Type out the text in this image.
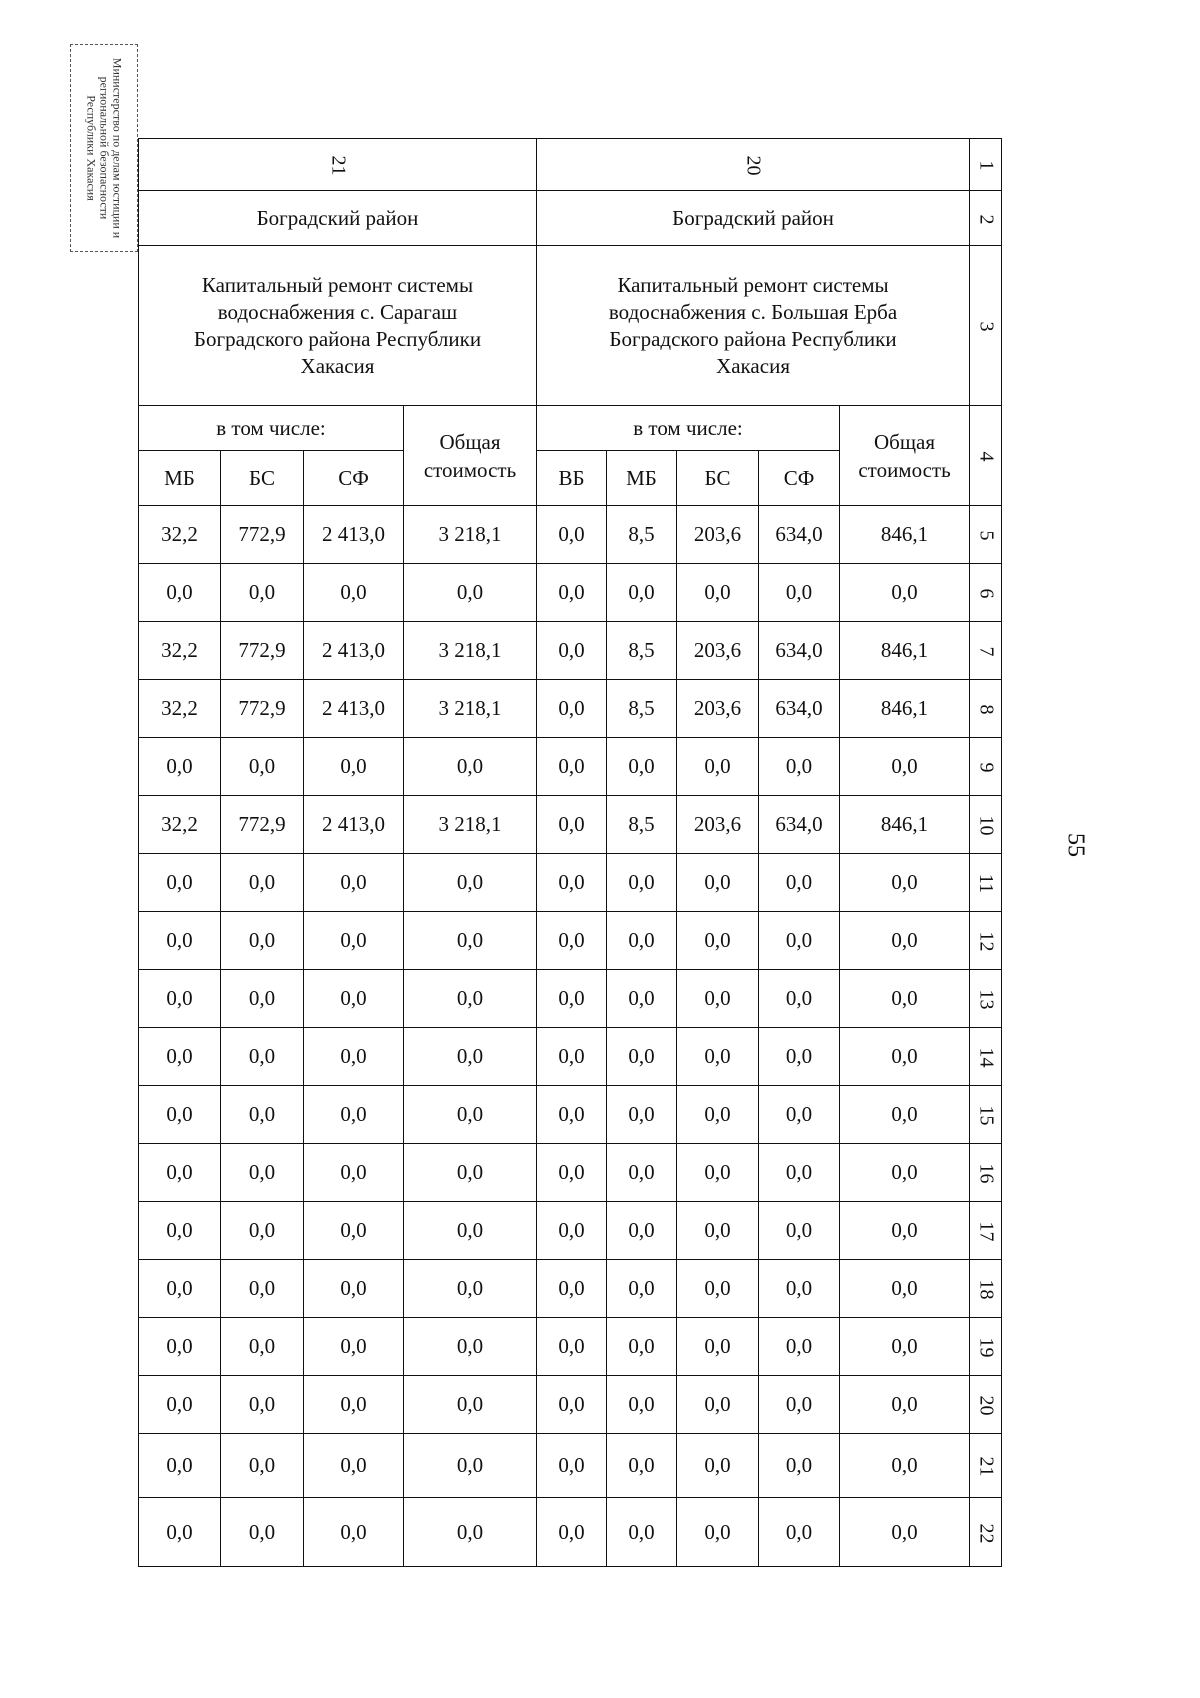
Министерство по делам юстиции и региональной безопасности Республики Хакасия
55
21				20					1
Боградский район				Боградский район					2

Капитальный ремонт системы водоснабжения с. Сарагаш Боградского района Республики Хакасия				Капитальный ремонт системы водоснабжения с. Большая Ерба Боградского района Республики Хакасия					3
в том числе:			Общая стоимость	в том числе:				Общая стоимость	4
МБ	БС	СФ		ВБ	МБ	БС	СФ		
32,2	772,9	2 413,0	3 218,1	0,0	8,5	203,6	634,0	846,1	5
0,0	0,0	0,0	0,0	0,0	0,0	0,0	0,0	0,0	6
32,2	772,9	2 413,0	3 218,1	0,0	8,5	203,6	634,0	846,1	7
32,2	772,9	2 413,0	3 218,1	0,0	8,5	203,6	634,0	846,1	8
0,0	0,0	0,0	0,0	0,0	0,0	0,0	0,0	0,0	9
32,2	772,9	2 413,0	3 218,1	0,0	8,5	203,6	634,0	846,1	10
0,0	0,0	0,0	0,0	0,0	0,0	0,0	0,0	0,0	11
0,0	0,0	0,0	0,0	0,0	0,0	0,0	0,0	0,0	12
0,0	0,0	0,0	0,0	0,0	0,0	0,0	0,0	0,0	13
0,0	0,0	0,0	0,0	0,0	0,0	0,0	0,0	0,0	14
0,0	0,0	0,0	0,0	0,0	0,0	0,0	0,0	0,0	15
0,0	0,0	0,0	0,0	0,0	0,0	0,0	0,0	0,0	16
0,0	0,0	0,0	0,0	0,0	0,0	0,0	0,0	0,0	17
0,0	0,0	0,0	0,0	0,0	0,0	0,0	0,0	0,0	18
0,0	0,0	0,0	0,0	0,0	0,0	0,0	0,0	0,0	19
0,0	0,0	0,0	0,0	0,0	0,0	0,0	0,0	0,0	20
0,0	0,0	0,0	0,0	0,0	0,0	0,0	0,0	0,0	21
0,0	0,0	0,0	0,0	0,0	0,0	0,0	0,0	0,0	22
